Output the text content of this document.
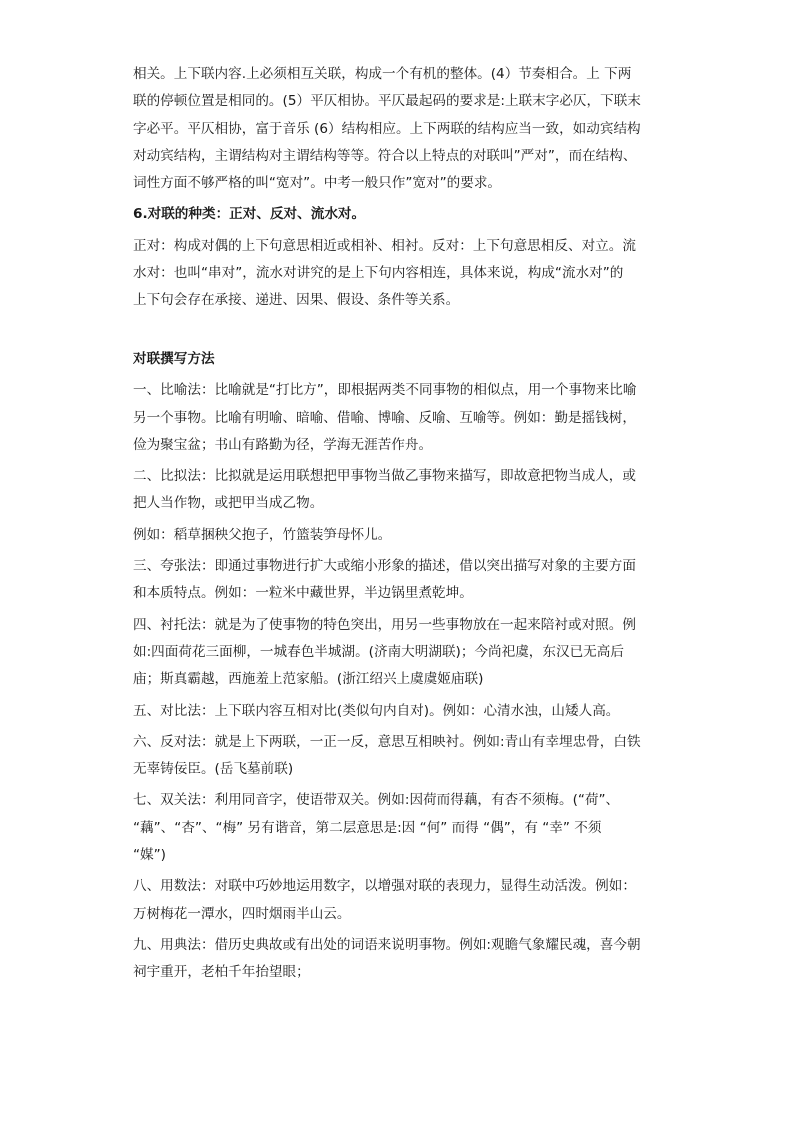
相关。上下联内容.上必须相互关联，构成一个有机的整体。(4）节奏相合。上 下两
联的停顿位置是相同的。(5）平仄相协。平仄最起码的要求是:上联末字必仄，下联末
字必平。平仄相协，富于音乐 (6）结构相应。上下两联的结构应当一致，如动宾结构
对动宾结构，主谓结构对主谓结构等等。符合以上特点的对联叫”严对”，而在结构、
词性方面不够严格的叫“宽对”。中考一般只作”宽对”的要求。
6.对联的种类：正对、反对、流水对。
正对：构成对偶的上下句意思相近或相补、相衬。反对：上下句意思相反、对立。流
水对：也叫“串对”，流水对讲究的是上下句内容相连，具体来说，构成“流水对”的
上下句会存在承接、递进、因果、假设、条件等关系。
对联撰写方法
一、比喻法：比喻就是“打比方”，即根据两类不同事物的相似点，用一个事物来比喻
另一个事物。比喻有明喻、暗喻、借喻、博喻、反喻、互喻等。例如：勤是摇钱树，
俭为聚宝盆；书山有路勤为径，学海无涯苦作舟。
二、比拟法：比拟就是运用联想把甲事物当做乙事物来描写，即故意把物当成人，或
把人当作物，或把甲当成乙物。
例如：稻草捆秧父抱子，竹篮装笋母怀儿。
三、夸张法：即通过事物进行扩大或缩小形象的描述，借以突出描写对象的主要方面
和本质特点。例如：一粒米中藏世界，半边锅里煮乾坤。
四、衬托法：就是为了使事物的特色突出，用另一些事物放在一起来陪衬或对照。例
如:四面荷花三面柳，一城春色半城湖。(济南大明湖联)；今尚祀虞，东汉已无高后
庙；斯真霸越，西施羞上范家船。(浙江绍兴上虞虞姬庙联)
五、对比法：上下联内容互相对比(类似句内自对)。例如：心清水浊，山矮人高。
六、反对法：就是上下两联，一正一反，意思互相映衬。例如:青山有幸埋忠骨，白铁
无辜铸佞臣。(岳飞墓前联)
七、双关法：利用同音字，使语带双关。例如:因荷而得藕，有杏不须梅。(“荷”、
“藕”、“杏”、“梅” 另有谐音，第二层意思是:因 “何” 而得 “偶”，有 “幸” 不须
“媒”)
八、用数法：对联中巧妙地运用数字，以增强对联的表现力，显得生动活泼。例如：
万树梅花一潭水，四时烟雨半山云。
九、用典法：借历史典故或有出处的词语来说明事物。例如:观瞻气象耀民魂，喜今朝
祠宇重开，老柏千年抬望眼；
